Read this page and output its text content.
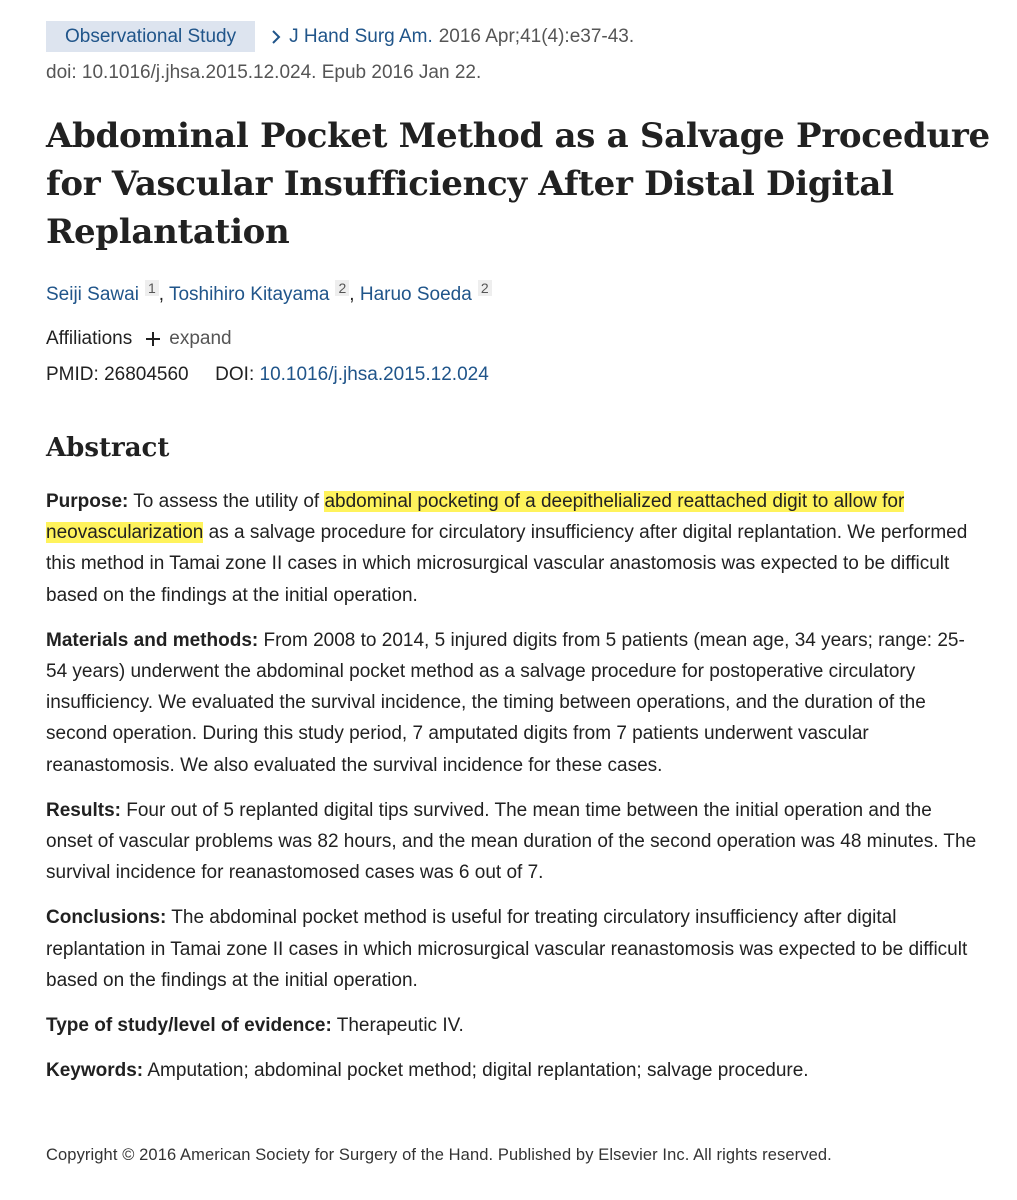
Observational Study	J Hand Surg Am. 2016 Apr;41(4):e37-43.
doi: 10.1016/j.jhsa.2015.12.024. Epub 2016 Jan 22.
Abdominal Pocket Method as a Salvage Procedure for Vascular Insufficiency After Distal Digital Replantation
Seiji Sawai 1 , Toshihiro Kitayama 2 , Haruo Soeda 2
Affiliations expand
PMID: 26804560 DOI: 10.1016/j.jhsa.2015.12.024
Abstract

Purpose: To assess the utility of abdominal pocketing of a deepithelialized reattached digit to allow for neovascularization as a salvage procedure for circulatory insufficiency after digital replantation. We performed this method in Tamai zone II cases in which microsurgical vascular anastomosis was expected to be difficult based on the findings at the initial operation.

Materials and methods: From 2008 to 2014, 5 injured digits from 5 patients (mean age, 34 years; range: 25-54 years) underwent the abdominal pocket method as a salvage procedure for postoperative circulatory insufficiency. We evaluated the survival incidence, the timing between operations, and the duration of the second operation. During this study period, 7 amputated digits from 7 patients underwent vascular reanastomosis. We also evaluated the survival incidence for these cases.

Results: Four out of 5 replanted digital tips survived. The mean time between the initial operation and the onset of vascular problems was 82 hours, and the mean duration of the second operation was 48 minutes. The survival incidence for reanastomosed cases was 6 out of 7.

Conclusions: The abdominal pocket method is useful for treating circulatory insufficiency after digital replantation in Tamai zone II cases in which microsurgical vascular reanastomosis was expected to be difficult based on the findings at the initial operation.

Type of study/level of evidence: Therapeutic IV.

Keywords: Amputation; abdominal pocket method; digital replantation; salvage procedure.

Copyright © 2016 American Society for Surgery of the Hand. Published by Elsevier Inc. All rights reserved.
